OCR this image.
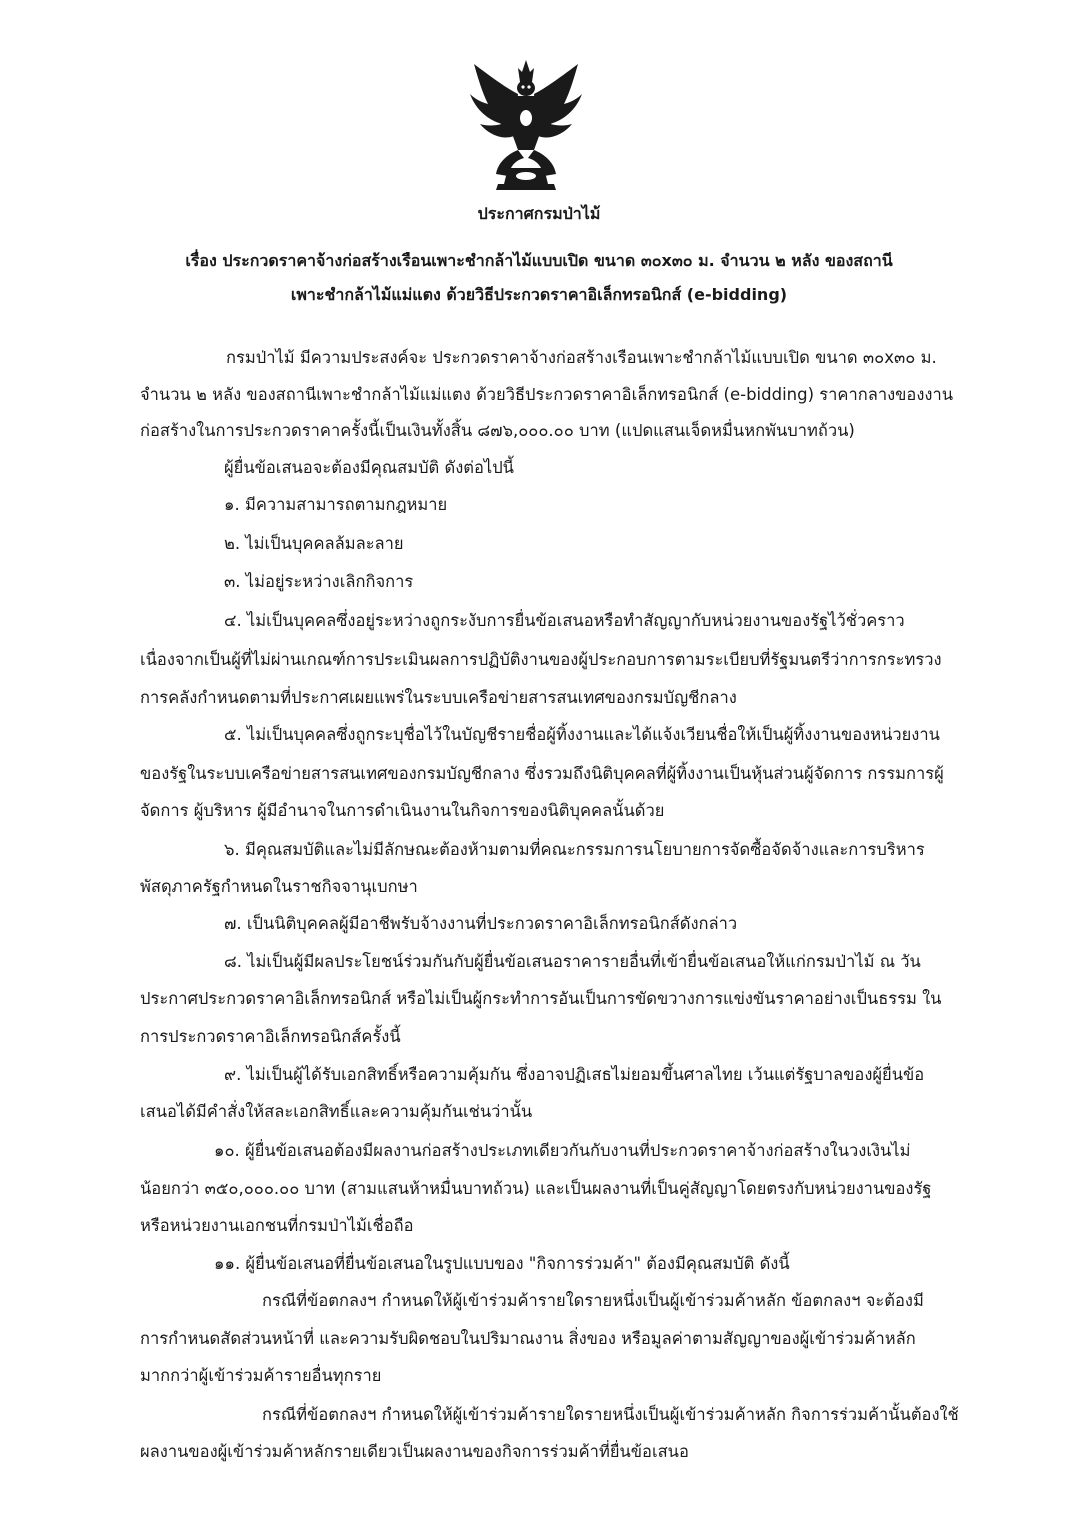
ประกาศกรมป่าไม้
เรื่อง ประกวดราคาจ้างก่อสร้างเรือนเพาะชำกล้าไม้แบบเปิด ขนาด ๓๐x๓๐ ม. จำนวน ๒ หลัง ของสถานี
เพาะชำกล้าไม้แม่แตง ด้วยวิธีประกวดราคาอิเล็กทรอนิกส์ (e-bidding)
กรมป่าไม้ มีความประสงค์จะ ประกวดราคาจ้างก่อสร้างเรือนเพาะชำกล้าไม้แบบเปิด ขนาด ๓๐x๓๐ ม.
จำนวน ๒ หลัง ของสถานีเพาะชำกล้าไม้แม่แตง ด้วยวิธีประกวดราคาอิเล็กทรอนิกส์ (e-bidding) ราคากลางของงาน
ก่อสร้างในการประกวดราคาครั้งนี้เป็นเงินทั้งสิ้น ๘๗๖,๐๐๐.๐๐ บาท (แปดแสนเจ็ดหมื่นหกพันบาทถ้วน)
ผู้ยื่นข้อเสนอจะต้องมีคุณสมบัติ ดังต่อไปนี้
๑. มีความสามารถตามกฎหมาย
๒. ไม่เป็นบุคคลล้มละลาย
๓. ไม่อยู่ระหว่างเลิกกิจการ
๔. ไม่เป็นบุคคลซึ่งอยู่ระหว่างถูกระงับการยื่นข้อเสนอหรือทำสัญญากับหน่วยงานของรัฐไว้ชั่วคราว
เนื่องจากเป็นผู้ที่ไม่ผ่านเกณฑ์การประเมินผลการปฏิบัติงานของผู้ประกอบการตามระเบียบที่รัฐมนตรีว่าการกระทรวง
การคลังกำหนดตามที่ประกาศเผยแพร่ในระบบเครือข่ายสารสนเทศของกรมบัญชีกลาง
๕. ไม่เป็นบุคคลซึ่งถูกระบุชื่อไว้ในบัญชีรายชื่อผู้ทิ้งงานและได้แจ้งเวียนชื่อให้เป็นผู้ทิ้งงานของหน่วยงาน
ของรัฐในระบบเครือข่ายสารสนเทศของกรมบัญชีกลาง ซึ่งรวมถึงนิติบุคคลที่ผู้ทิ้งงานเป็นหุ้นส่วนผู้จัดการ กรรมการผู้
จัดการ ผู้บริหาร ผู้มีอำนาจในการดำเนินงานในกิจการของนิติบุคคลนั้นด้วย
๖. มีคุณสมบัติและไม่มีลักษณะต้องห้ามตามที่คณะกรรมการนโยบายการจัดซื้อจัดจ้างและการบริหาร
พัสดุภาครัฐกำหนดในราชกิจจานุเบกษา
๗. เป็นนิติบุคคลผู้มีอาชีพรับจ้างงานที่ประกวดราคาอิเล็กทรอนิกส์ดังกล่าว
๘. ไม่เป็นผู้มีผลประโยชน์ร่วมกันกับผู้ยื่นข้อเสนอราคารายอื่นที่เข้ายื่นข้อเสนอให้แก่กรมป่าไม้ ณ วัน
ประกาศประกวดราคาอิเล็กทรอนิกส์ หรือไม่เป็นผู้กระทำการอันเป็นการขัดขวางการแข่งขันราคาอย่างเป็นธรรม ใน
การประกวดราคาอิเล็กทรอนิกส์ครั้งนี้
๙. ไม่เป็นผู้ได้รับเอกสิทธิ์หรือความคุ้มกัน ซึ่งอาจปฏิเสธไม่ยอมขึ้นศาลไทย เว้นแต่รัฐบาลของผู้ยื่นข้อ
เสนอได้มีคำสั่งให้สละเอกสิทธิ์และความคุ้มกันเช่นว่านั้น
๑๐. ผู้ยื่นข้อเสนอต้องมีผลงานก่อสร้างประเภทเดียวกันกับงานที่ประกวดราคาจ้างก่อสร้างในวงเงินไม่
น้อยกว่า ๓๕๐,๐๐๐.๐๐ บาท (สามแสนห้าหมื่นบาทถ้วน) และเป็นผลงานที่เป็นคู่สัญญาโดยตรงกับหน่วยงานของรัฐ
หรือหน่วยงานเอกชนที่กรมป่าไม้เชื่อถือ
๑๑. ผู้ยื่นข้อเสนอที่ยื่นข้อเสนอในรูปแบบของ "กิจการร่วมค้า" ต้องมีคุณสมบัติ ดังนี้
กรณีที่ข้อตกลงฯ กำหนดให้ผู้เข้าร่วมค้ารายใดรายหนึ่งเป็นผู้เข้าร่วมค้าหลัก ข้อตกลงฯ จะต้องมี
การกำหนดสัดส่วนหน้าที่ และความรับผิดชอบในปริมาณงาน สิ่งของ หรือมูลค่าตามสัญญาของผู้เข้าร่วมค้าหลัก
มากกว่าผู้เข้าร่วมค้ารายอื่นทุกราย
กรณีที่ข้อตกลงฯ กำหนดให้ผู้เข้าร่วมค้ารายใดรายหนึ่งเป็นผู้เข้าร่วมค้าหลัก กิจการร่วมค้านั้นต้องใช้
ผลงานของผู้เข้าร่วมค้าหลักรายเดียวเป็นผลงานของกิจการร่วมค้าที่ยื่นข้อเสนอ
